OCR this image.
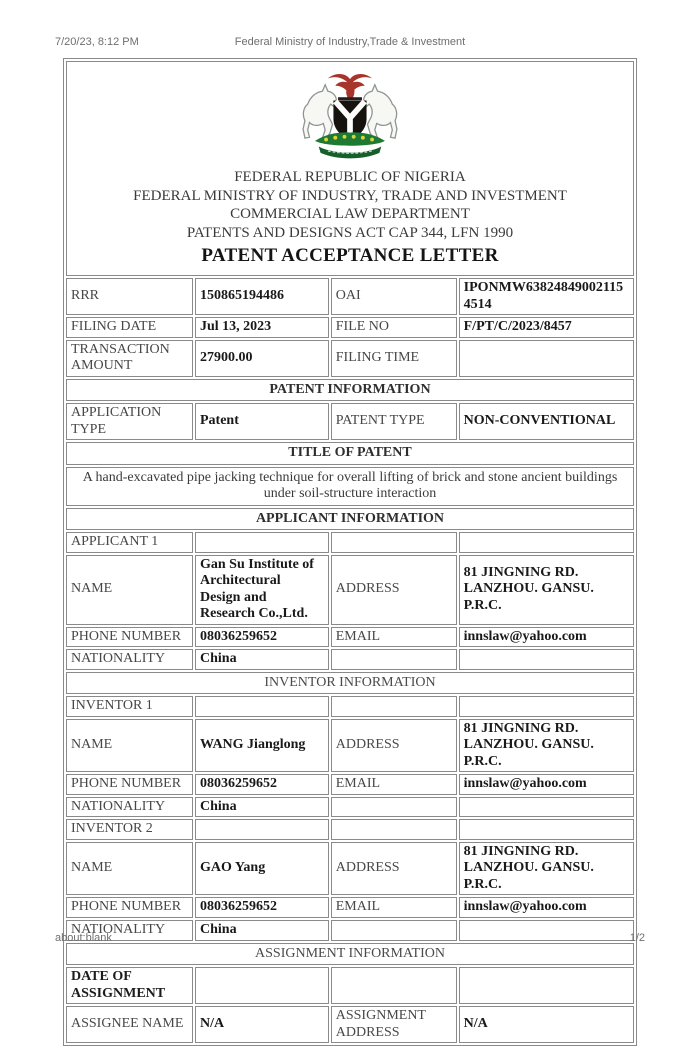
Federal Ministry of Industry,Trade & Investment
7/20/23, 8:12 PM
FEDERAL REPUBLIC OF NIGERIA
FEDERAL MINISTRY OF INDUSTRY, TRADE AND INVESTMENT
COMMERCIAL LAW DEPARTMENT
PATENTS AND DESIGNS ACT CAP 344, LFN 1990
PATENT ACCEPTANCE LETTER			

RRR	150865194486	OAI	IPONMW638248490021154514
FILING DATE	Jul 13, 2023	FILE NO	F/PT/C/2023/8457
TRANSACTION AMOUNT	27900.00	FILING TIME	
PATENT INFORMATION			
APPLICATION TYPE	Patent	PATENT TYPE	NON-CONVENTIONAL
TITLE OF PATENT			
A hand-excavated pipe jacking technique for overall lifting of brick and stone ancient buildings under soil-structure interaction			
APPLICANT INFORMATION			
APPLICANT 1			
NAME	Gan Su Institute of Architectural Design and Research Co.,Ltd.	ADDRESS	81 JINGNING RD. LANZHOU. GANSU. P.R.C.
PHONE NUMBER	08036259652	EMAIL	innslaw@yahoo.com
NATIONALITY	China		
INVENTOR INFORMATION			
INVENTOR 1			
NAME	WANG Jianglong	ADDRESS	81 JINGNING RD. LANZHOU. GANSU. P.R.C.
PHONE NUMBER	08036259652	EMAIL	innslaw@yahoo.com
NATIONALITY	China		
INVENTOR 2			
NAME	GAO Yang	ADDRESS	81 JINGNING RD. LANZHOU. GANSU. P.R.C.
PHONE NUMBER	08036259652	EMAIL	innslaw@yahoo.com
NATIONALITY	China		
ASSIGNMENT INFORMATION			
DATE OF ASSIGNMENT			
ASSIGNEE NAME	N/A	ASSIGNMENT ADDRESS	N/A
about:blank	1/2
